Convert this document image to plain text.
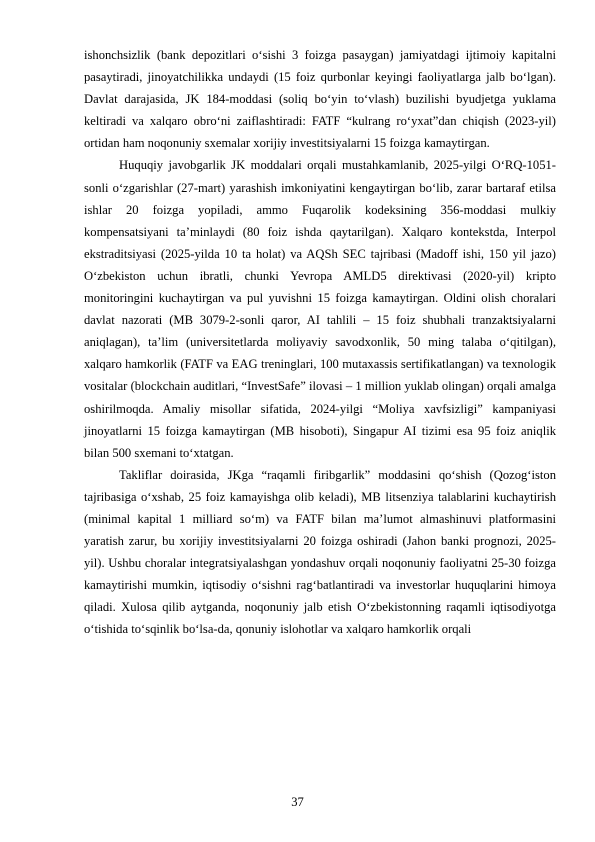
ishonchsizlik (bank depozitlari oʻsishi 3 foizga pasaygan) jamiyatdagi ijtimoiy kapitalni pasaytiradi, jinoyatchilikka undaydi (15 foiz qurbonlar keyingi faoliyatlarga jalb boʻlgan). Davlat darajasida, JK 184-moddasi (soliq boʻyin toʻvlash) buzilishi byudjetga yuklama keltiradi va xalqaro obroʻni zaiflashtiradi: FATF “kulrang roʻyxat”dan chiqish (2023-yil) ortidan ham noqonuniy sxemalar xorijiy investitsiyalarni 15 foizga kamaytirgan.

Huquqiy javobgarlik JK moddalari orqali mustahkamlanib, 2025-yilgi OʻRQ-1051-sonli oʻzgarishlar (27-mart) yarashish imkoniyatini kengaytirgan boʻlib, zarar bartaraf etilsa ishlar 20 foizga yopiladi, ammo Fuqarolik kodeksining 356-moddasi mulkiy kompensatsiyani taʼminlaydi (80 foiz ishda qaytarilgan). Xalqaro kontekstda, Interpol ekstraditsiyasi (2025-yilda 10 ta holat) va AQSh SEC tajribasi (Madoff ishi, 150 yil jazo) Oʻzbekiston uchun ibratli, chunki Yevropa AMLD5 direktivasi (2020-yil) kripto monitoringini kuchaytirgan va pul yuvishni 15 foizga kamaytirgan. Oldini olish choralari davlat nazorati (MB 3079-2-sonli qaror, AI tahlili – 15 foiz shubhali tranzaktsiyalarni aniqlagan), taʼlim (universitetlarda moliyaviy savodxonlik, 50 ming talaba oʻqitilgan), xalqaro hamkorlik (FATF va EAG treninglari, 100 mutaxassis sertifikatlangan) va texnologik vositalar (blockchain auditlari, “InvestSafe” ilovasi – 1 million yuklab olingan) orqali amalga oshirilmoqda. Amaliy misollar sifatida, 2024-yilgi “Moliya xavfsizligi” kampaniyasi jinoyatlarni 15 foizga kamaytirgan (MB hisoboti), Singapur AI tizimi esa 95 foiz aniqlik bilan 500 sxemani toʻxtatgan.

Takliflar doirasida, JKga “raqamli firibgarlik” moddasini qoʻshish (Qozogʻiston tajribasiga oʻxshab, 25 foiz kamayishga olib keladi), MB litsenziya talablarini kuchaytirish (minimal kapital 1 milliard soʻm) va FATF bilan maʼlumot almashinuvi platformasini yaratish zarur, bu xorijiy investitsiyalarni 20 foizga oshiradi (Jahon banki prognozi, 2025-yil). Ushbu choralar integratsiyalashgan yondashuv orqali noqonuniy faoliyatni 25-30 foizga kamaytirishi mumkin, iqtisodiy oʻsishni ragʻbatlantiradi va investorlar huquqlarini himoya qiladi. Xulosa qilib aytganda, noqonuniy jalb etish Oʻzbekistonning raqamli iqtisodiyotga oʻtishida toʻsqinlik boʻlsa-da, qonuniy islohotlar va xalqaro hamkorlik orqali

37
